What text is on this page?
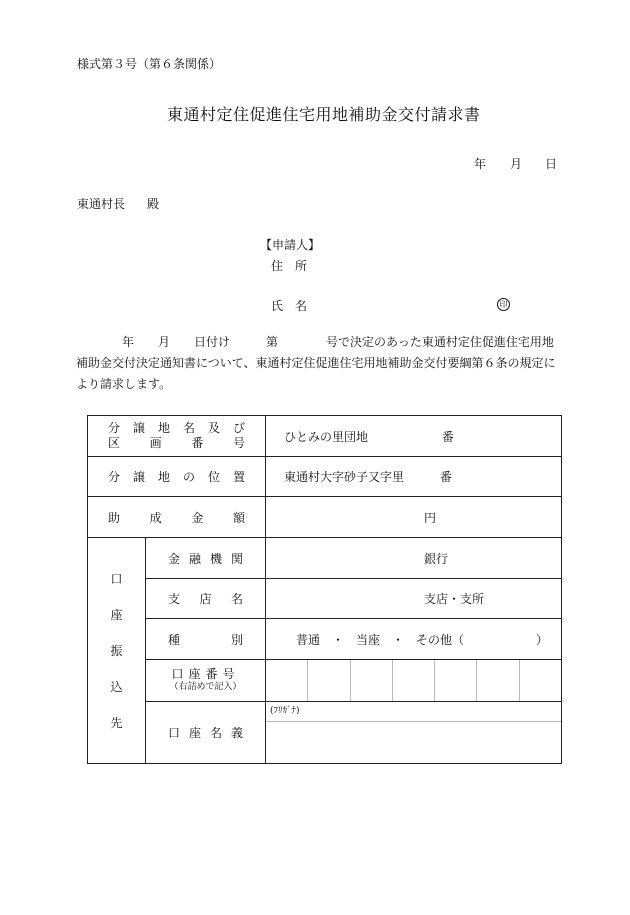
様式第３号（第６条関係）
東通村定住促進住宅用地補助金交付請求書
年 月 日
東通村長 殿
【申請人】
住　所
氏　名	印
年　　月　　日付け　　　第　　　　号で決定のあった東通村定住促進住宅用地補助金交付決定通知書について、東通村定住促進住宅用地補助金交付要綱第６条の規定により請求します。
分譲地名及び
区画番号		ひとみの里団地 番
分譲地の位置		東通村大字砂子又字里 番
助成金額		円

口
座
振
込
先	金融機関	銀行
	支店名	支店・支所
	種別	普通　・　当座　・　その他（　　　　　　）

	口座番号
（右詰めで記入）	

	口座名義	(ﾌﾘｶﾞﾅ)
